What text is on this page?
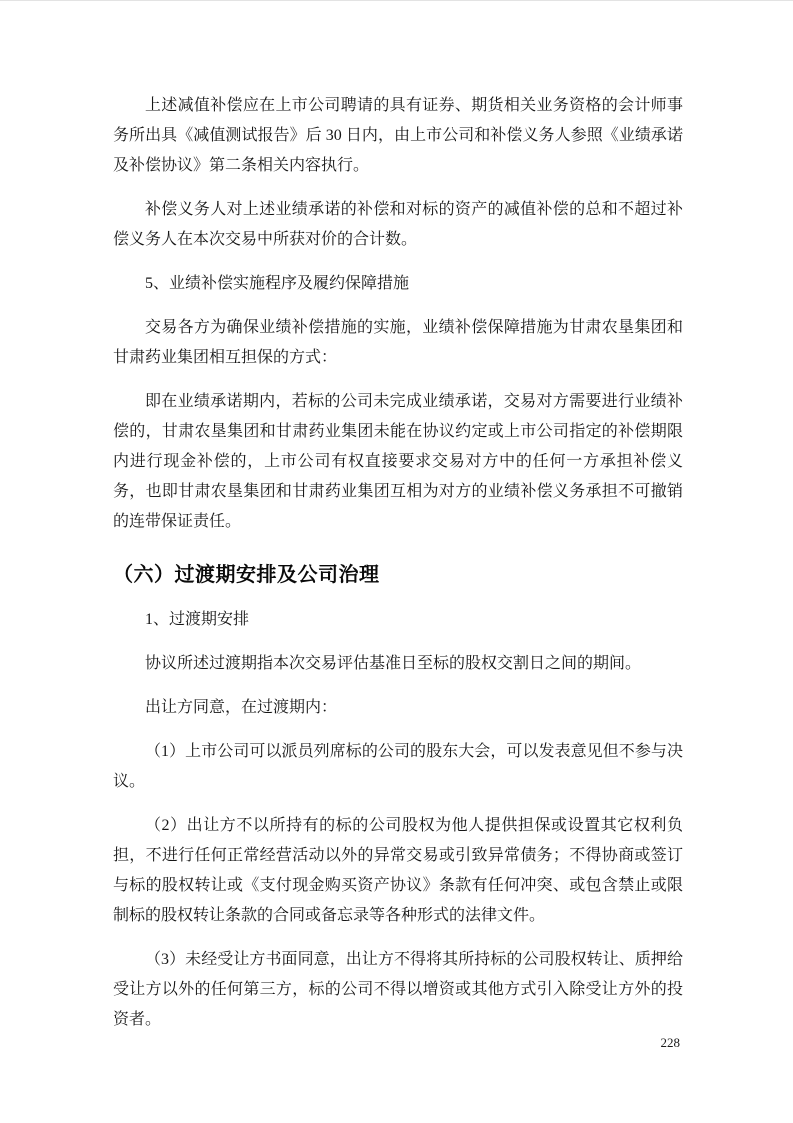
上述减值补偿应在上市公司聘请的具有证券、期货相关业务资格的会计师事务所出具《减值测试报告》后 30 日内，由上市公司和补偿义务人参照《业绩承诺及补偿协议》第二条相关内容执行。

补偿义务人对上述业绩承诺的补偿和对标的资产的减值补偿的总和不超过补偿义务人在本次交易中所获对价的合计数。

5、业绩补偿实施程序及履约保障措施

交易各方为确保业绩补偿措施的实施，业绩补偿保障措施为甘肃农垦集团和甘肃药业集团相互担保的方式：

即在业绩承诺期内，若标的公司未完成业绩承诺，交易对方需要进行业绩补偿的，甘肃农垦集团和甘肃药业集团未能在协议约定或上市公司指定的补偿期限内进行现金补偿的，上市公司有权直接要求交易对方中的任何一方承担补偿义务，也即甘肃农垦集团和甘肃药业集团互相为对方的业绩补偿义务承担不可撤销的连带保证责任。

（六）过渡期安排及公司治理
1、过渡期安排

协议所述过渡期指本次交易评估基准日至标的股权交割日之间的期间。

出让方同意，在过渡期内：

（1）上市公司可以派员列席标的公司的股东大会，可以发表意见但不参与决议。

（2）出让方不以所持有的标的公司股权为他人提供担保或设置其它权利负担，不进行任何正常经营活动以外的异常交易或引致异常债务；不得协商或签订与标的股权转让或《支付现金购买资产协议》条款有任何冲突、或包含禁止或限制标的股权转让条款的合同或备忘录等各种形式的法律文件。

（3）未经受让方书面同意，出让方不得将其所持标的公司股权转让、质押给受让方以外的任何第三方，标的公司不得以增资或其他方式引入除受让方外的投资者。

228
